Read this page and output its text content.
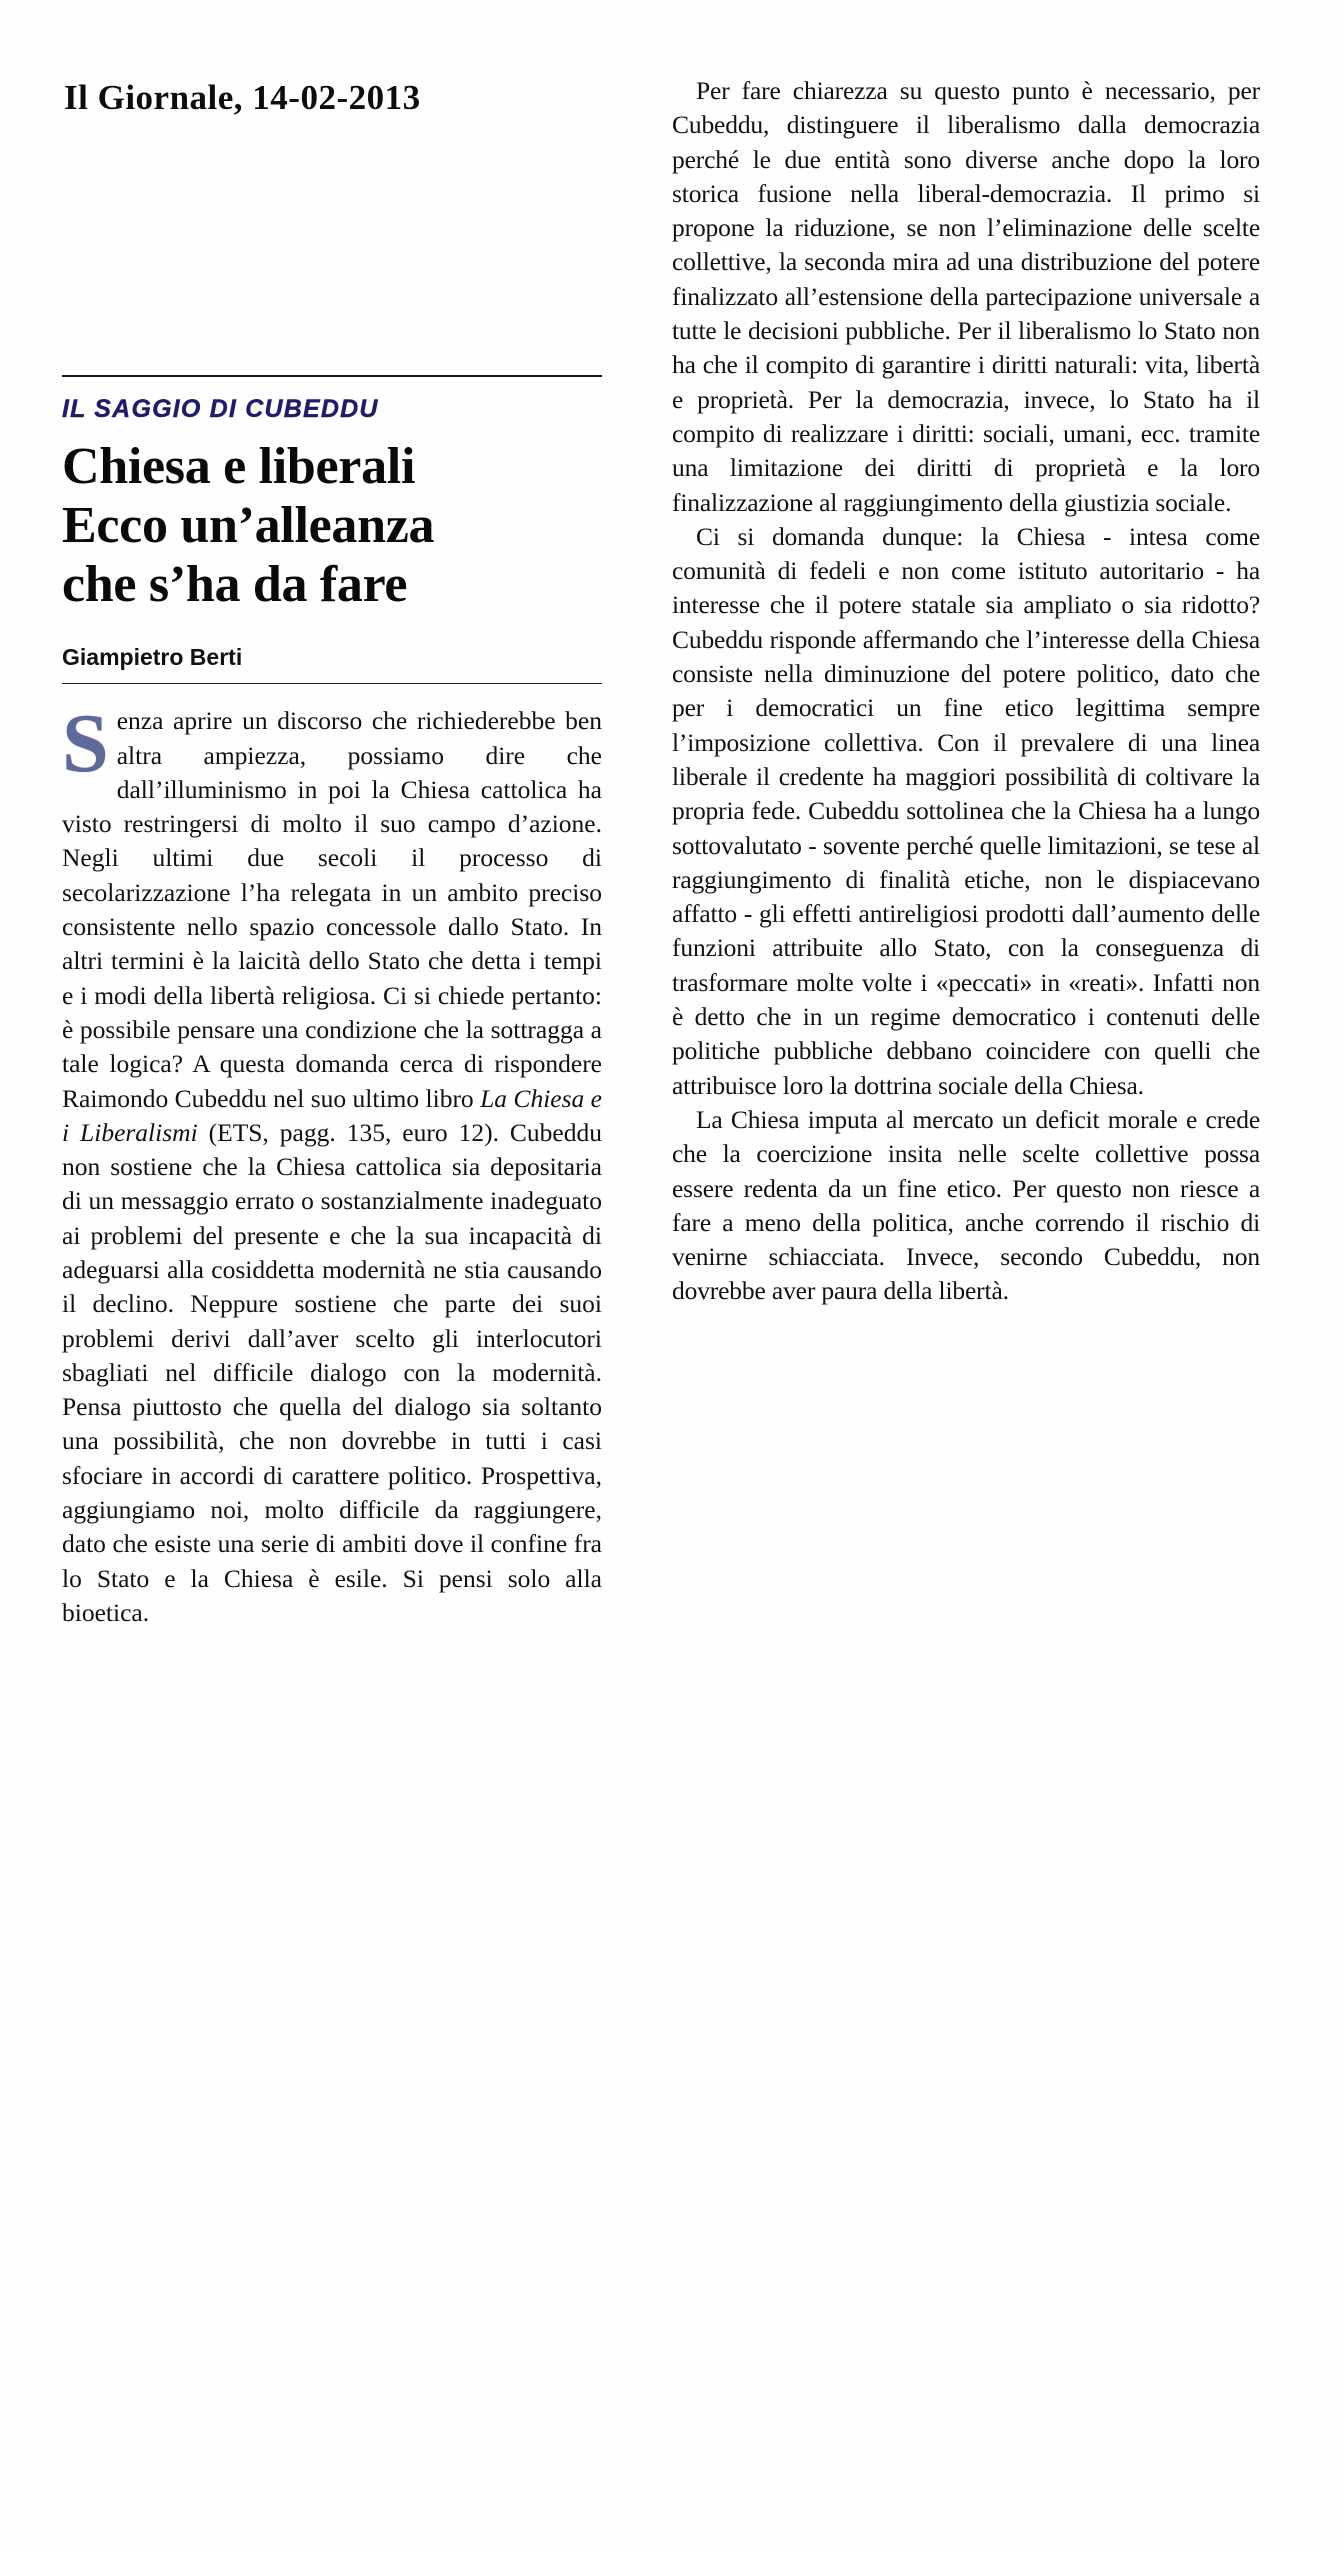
Il Giornale, 14-02-2013
IL SAGGIO DI CUBEDDU
Chiesa e liberali
Ecco un’alleanza
che s’ha da fare
Giampietro Berti

Senza aprire un discorso che richiederebbe ben altra ampiezza, possiamo dire che dall’illuminismo in poi la Chiesa cattolica ha visto restringersi di molto il suo campo d’azione. Negli ultimi due secoli il processo di secolarizzazione l’ha relegata in un ambito preciso consistente nello spazio concessole dallo Stato. In altri termini è la laicità dello Stato che detta i tempi e i modi della libertà religiosa. Ci si chiede pertanto: è possibile pensare una condizione che la sottragga a tale logica? A questa domanda cerca di rispondere Raimondo Cubeddu nel suo ultimo libro La Chiesa e i Liberalismi (ETS, pagg. 135, euro 12). Cubeddu non sostiene che la Chiesa cattolica sia depositaria di un messaggio errato o sostanzialmente inadeguato ai problemi del presente e che la sua incapacità di adeguarsi alla cosiddetta modernità ne stia causando il declino. Neppure sostiene che parte dei suoi problemi derivi dall’aver scelto gli interlocutori sbagliati nel difficile dialogo con la modernità. Pensa piuttosto che quella del dialogo sia soltanto una possibilità, che non dovrebbe in tutti i casi sfociare in accordi di carattere politico. Prospettiva, aggiungiamo noi, molto difficile da raggiungere, dato che esiste una serie di ambiti dove il confine fra lo Stato e la Chiesa è esile. Si pensi solo alla bioetica.

Per fare chiarezza su questo punto è necessario, per Cubeddu, distinguere il liberalismo dalla democrazia perché le due entità sono diverse anche dopo la loro storica fusione nella liberal-democrazia. Il primo si propone la riduzione, se non l’eliminazione delle scelte collettive, la seconda mira ad una distribuzione del potere finalizzato all’estensione della partecipazione universale a tutte le decisioni pubbliche. Per il liberalismo lo Stato non ha che il compito di garantire i diritti naturali: vita, libertà e proprietà. Per la democrazia, invece, lo Stato ha il compito di realizzare i diritti: sociali, umani, ecc. tramite una limitazione dei diritti di proprietà e la loro finalizzazione al raggiungimento della giustizia sociale.

Ci si domanda dunque: la Chiesa - intesa come comunità di fedeli e non come istituto autoritario - ha interesse che il potere statale sia ampliato o sia ridotto? Cubeddu risponde affermando che l’interesse della Chiesa consiste nella diminuzione del potere politico, dato che per i democratici un fine etico legittima sempre l’imposizione collettiva. Con il prevalere di una linea liberale il credente ha maggiori possibilità di coltivare la propria fede. Cubeddu sottolinea che la Chiesa ha a lungo sottovalutato - sovente perché quelle limitazioni, se tese al raggiungimento di finalità etiche, non le dispiacevano affatto - gli effetti antireligiosi prodotti dall’aumento delle funzioni attribuite allo Stato, con la conseguenza di trasformare molte volte i «peccati» in «reati». Infatti non è detto che in un regime democratico i contenuti delle politiche pubbliche debbano coincidere con quelli che attribuisce loro la dottrina sociale della Chiesa.

La Chiesa imputa al mercato un deficit morale e crede che la coercizione insita nelle scelte collettive possa essere redenta da un fine etico. Per questo non riesce a fare a meno della politica, anche correndo il rischio di venirne schiacciata. Invece, secondo Cubeddu, non dovrebbe aver paura della libertà.
